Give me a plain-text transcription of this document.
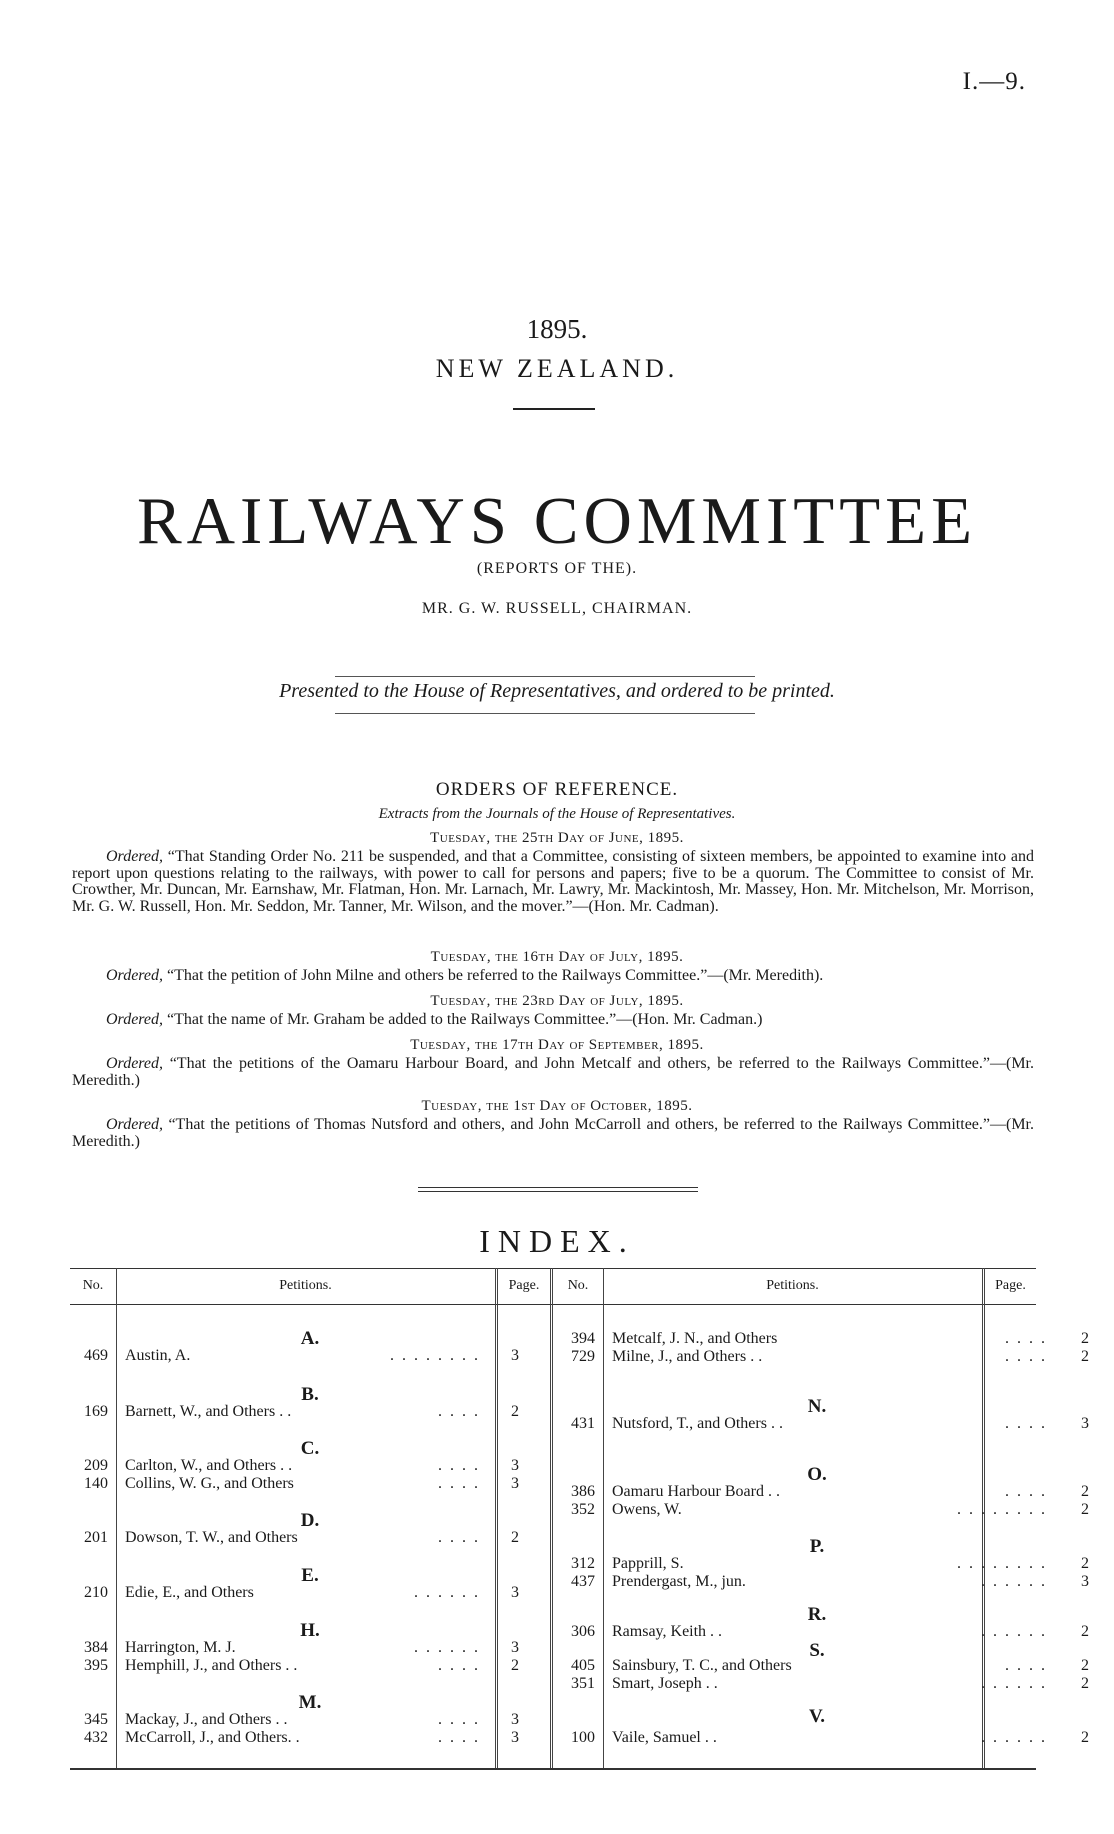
I.—9.
1895.
NEW ZEALAND.
RAILWAYS COMMITTEE
(REPORTS OF THE).
MR. G. W. RUSSELL, CHAIRMAN.
Presented to the House of Representatives, and ordered to be printed.
ORDERS OF REFERENCE.
Extracts from the Journals of the House of Representatives.
Tuesday, the 25th Day of June, 1895.
Ordered, “That Standing Order No. 211 be suspended, and that a Committee, consisting of sixteen members, be appointed to examine into and report upon questions relating to the railways, with power to call for persons and papers; five to be a quorum. The Committee to consist of Mr. Crowther, Mr. Duncan, Mr. Earnshaw, Mr. Flatman, Hon. Mr. Larnach, Mr. Lawry, Mr. Mackintosh, Mr. Massey, Hon. Mr. Mitchelson, Mr. Morrison, Mr. G. W. Russell, Hon. Mr. Seddon, Mr. Tanner, Mr. Wilson, and the mover.”—(Hon. Mr. Cadman).
Tuesday, the 16th Day of July, 1895.
Ordered, “That the petition of John Milne and others be referred to the Railways Committee.”—(Mr. Meredith).
Tuesday, the 23rd Day of July, 1895.
Ordered, “That the name of Mr. Graham be added to the Railways Committee.”—(Hon. Mr. Cadman.)
Tuesday, the 17th Day of September, 1895.
Ordered, “That the petitions of the Oamaru Harbour Board, and John Metcalf and others, be referred to the Railways Committee.”—(Mr. Meredith.)
Tuesday, the 1st Day of October, 1895.
Ordered, “That the petitions of Thomas Nutsford and others, and John McCarroll and others, be referred to the Railways Committee.”—(Mr. Meredith.)
INDEX.
No.	Petitions.	Page.	No.	Petitions.	Page.
A.
B.
C.
D.
E.
H.
M.
469 Austin, A.	. . . . . . . .	3
169 Barnett, W., and Others . .	. . . .	2
209 Carlton, W., and Others . .	. . . .	3
140 Collins, W. G., and Others	. . . .	3
201 Dowson, T. W., and Others	. . . .	2
210 Edie, E., and Others	. . . . . .	3
384 Harrington, M. J.	. . . . . .	3
395 Hemphill, J., and Others . .	. . . .	2
345 Mackay, J., and Others . .	. . . .	3
432 McCarroll, J., and Others. .	. . . .	3
N.
O.
P.
R.
S.
V.
394 Metcalf, J. N., and Others	. . . .	2
729 Milne, J., and Others . .	. . . .	2
431 Nutsford, T., and Others . .	. . . .	3
386 Oamaru Harbour Board . .	. . . .	2
352 Owens, W.	. . . . . . . .	2
312 Papprill, S.	. . . . . . . .	2
437 Prendergast, M., jun.	. . . . . .	3
306 Ramsay, Keith . .	. . . . . .	2
405 Sainsbury, T. C., and Others	. . . .	2
351 Smart, Joseph . .	. . . . . .	2
100 Vaile, Samuel . .	. . . . . .	2
